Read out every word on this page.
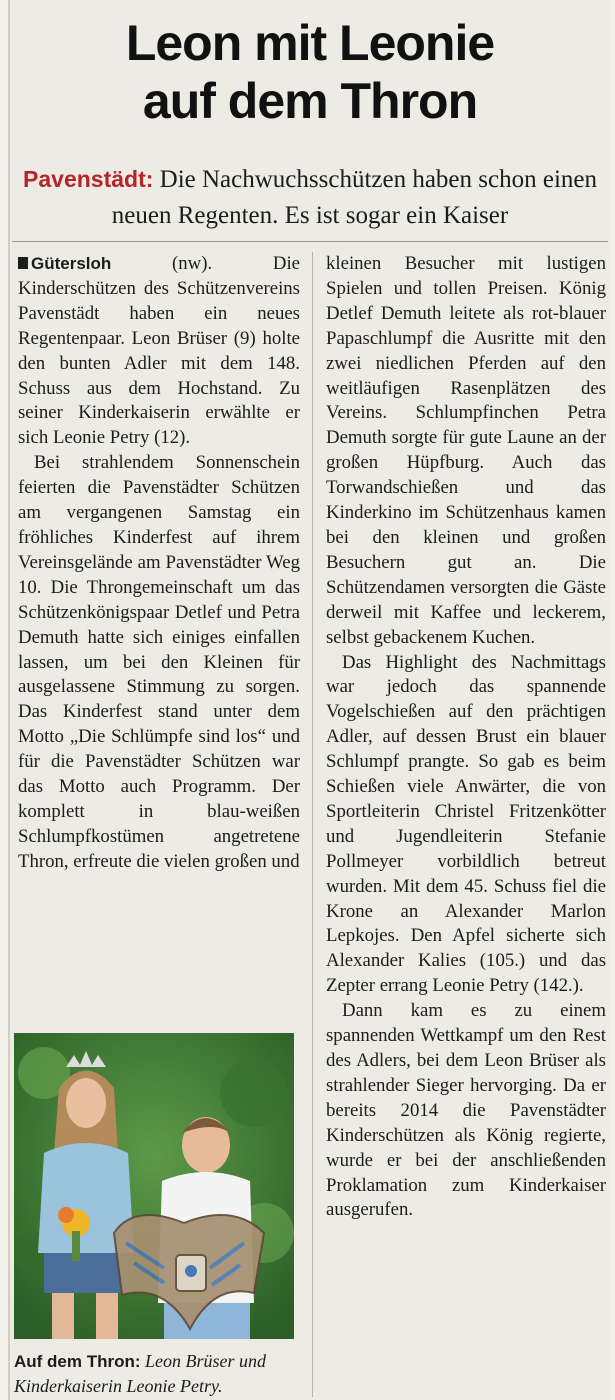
Leon mit Leonie
auf dem Thron
Pavenstädt: Die Nachwuchsschützen haben schon einen neuen Regenten. Es ist sogar ein Kaiser

Gütersloh (nw). Die Kinderschützen des Schützenvereins Pavenstädt haben ein neues Regentenpaar. Leon Brüser (9) holte den bunten Adler mit dem 148. Schuss aus dem Hochstand. Zu seiner Kinderkaiserin erwählte er sich Leonie Petry (12).

Bei strahlendem Sonnenschein feierten die Pavenstädter Schützen am vergangenen Samstag ein fröhliches Kinderfest auf ihrem Vereinsgelände am Pavenstädter Weg 10. Die Throngemeinschaft um das Schützenkönigspaar Detlef und Petra Demuth hatte sich einiges einfallen lassen, um bei den Kleinen für ausgelassene Stimmung zu sorgen. Das Kinderfest stand unter dem Motto „Die Schlümpfe sind los“ und für die Pavenstädter Schützen war das Motto auch Programm. Der komplett in blau-weißen Schlumpfkostümen angetretene Thron, erfreute die vielen großen und

Auf dem Thron: Leon Brüser und Kinderkaiserin Leonie Petry.

kleinen Besucher mit lustigen Spielen und tollen Preisen. König Detlef Demuth leitete als rot-blauer Papaschlumpf die Ausritte mit den zwei niedlichen Pferden auf den weitläufigen Rasenplätzen des Vereins. Schlumpfinchen Petra Demuth sorgte für gute Laune an der großen Hüpfburg. Auch das Torwandschießen und das Kinderkino im Schützenhaus kamen bei den kleinen und großen Besuchern gut an. Die Schützendamen versorgten die Gäste derweil mit Kaffee und leckerem, selbst gebackenem Kuchen.

Das Highlight des Nachmittags war jedoch das spannende Vogelschießen auf den prächtigen Adler, auf dessen Brust ein blauer Schlumpf prangte. So gab es beim Schießen viele Anwärter, die von Sportleiterin Christel Fritzenkötter und Jugendleiterin Stefanie Pollmeyer vorbildlich betreut wurden. Mit dem 45. Schuss fiel die Krone an Alexander Marlon Lepkojes. Den Apfel sicherte sich Alexander Kalies (105.) und das Zepter errang Leonie Petry (142.).

Dann kam es zu einem spannenden Wettkampf um den Rest des Adlers, bei dem Leon Brüser als strahlender Sieger hervorging. Da er bereits 2014 die Pavenstädter Kinderschützen als König regierte, wurde er bei der anschließenden Proklamation zum Kinderkaiser ausgerufen.
